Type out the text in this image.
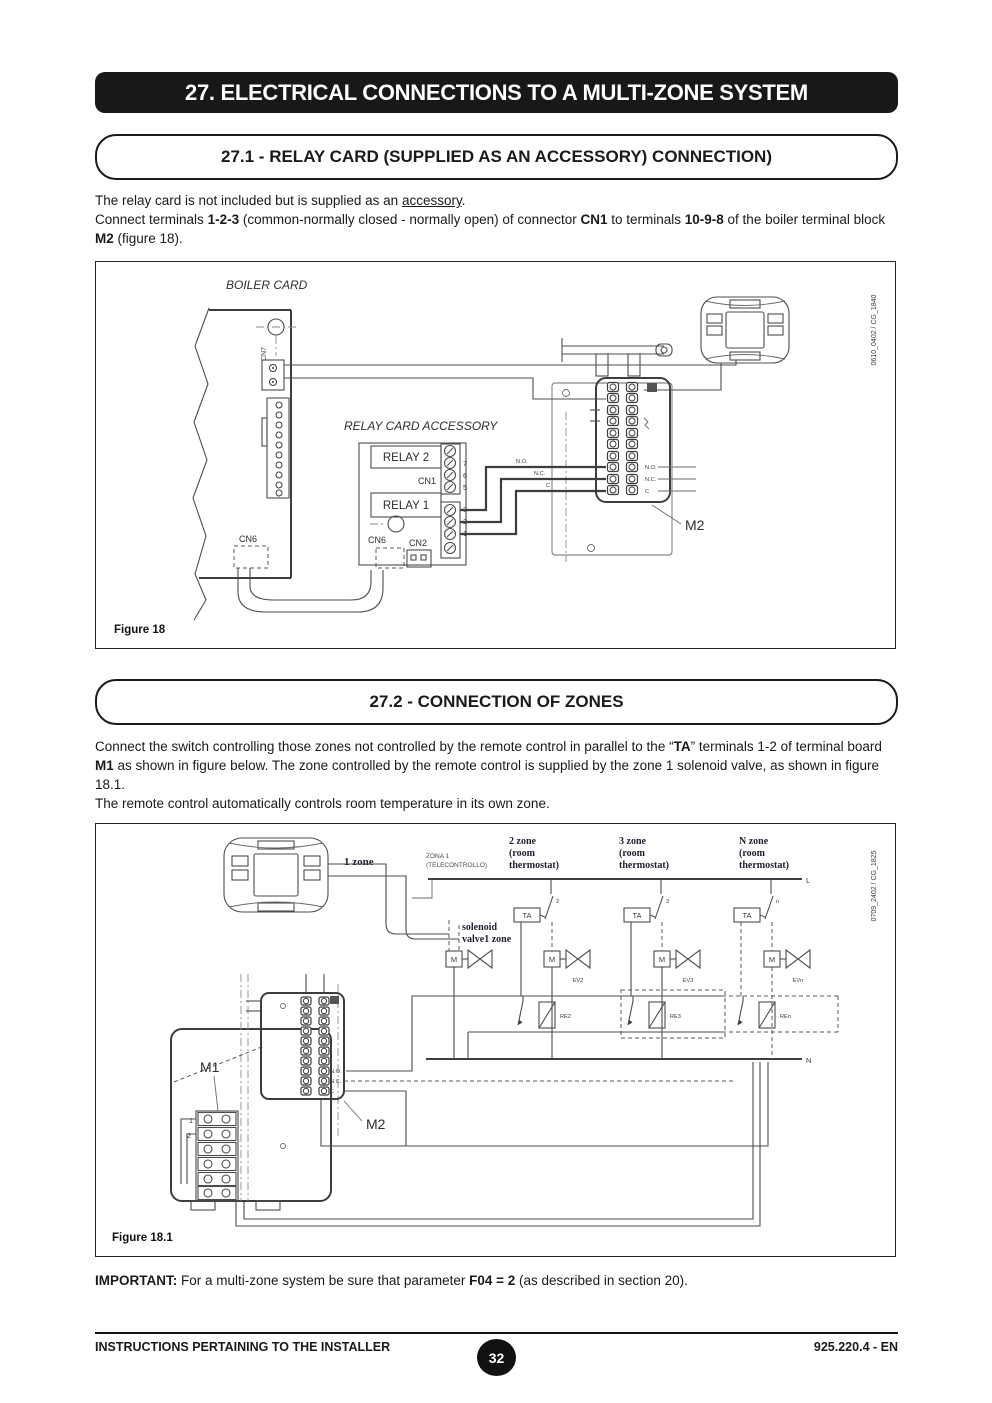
27. ELECTRICAL CONNECTIONS TO A MULTI-ZONE SYSTEM
27.1 - RELAY CARD (SUPPLIED AS AN ACCESSORY) CONNECTION)
The relay card is not included but is supplied as an accessory.
Connect terminals 1-2-3 (common-normally closed - normally open) of connector CN1 to terminals 10-9-8 of the boiler terminal block M2 (figure 18).
CN7
CN6
BOILER CARD
RELAY CARD ACCESSORY
RELAY 2
RELAY 1
CN1
7
6
5
3
2
1
CN6	CN2
N.O.
N.C.
C
N.O.
N.C.
C
M2
0610_0402 / CG_1840
Figure 18
27.2 - CONNECTION OF ZONES
Connect the switch controlling those zones not controlled by the remote control in parallel to the “TA” terminals 1-2 of terminal board M1 as shown in figure below. The zone controlled by the remote control is supplied by the zone 1 solenoid valve, as shown in figure 18.1.
The remote control automatically controls room temperature in its own zone.
1 zone	ZONA 1
(TELECONTROLLO)
2 zone
(room
thermostat)
3 zone
(room
thermostat)
N zone
(room
thermostat)
L
N
TA
2
M
EV2
RE2
TA
3
M
EV3
RE3
TA
n
M
EVn
REn
solenoid
valve1 zone
M
N.O.
N.C.
C
M2
M1
1
2
0709_2402 / CG_1825
Figure 18.1
IMPORTANT: For a multi-zone system be sure that parameter F04 = 2 (as described in section 20).
INSTRUCTIONS PERTAINING TO THE INSTALLER	925.220.4 - EN
32
